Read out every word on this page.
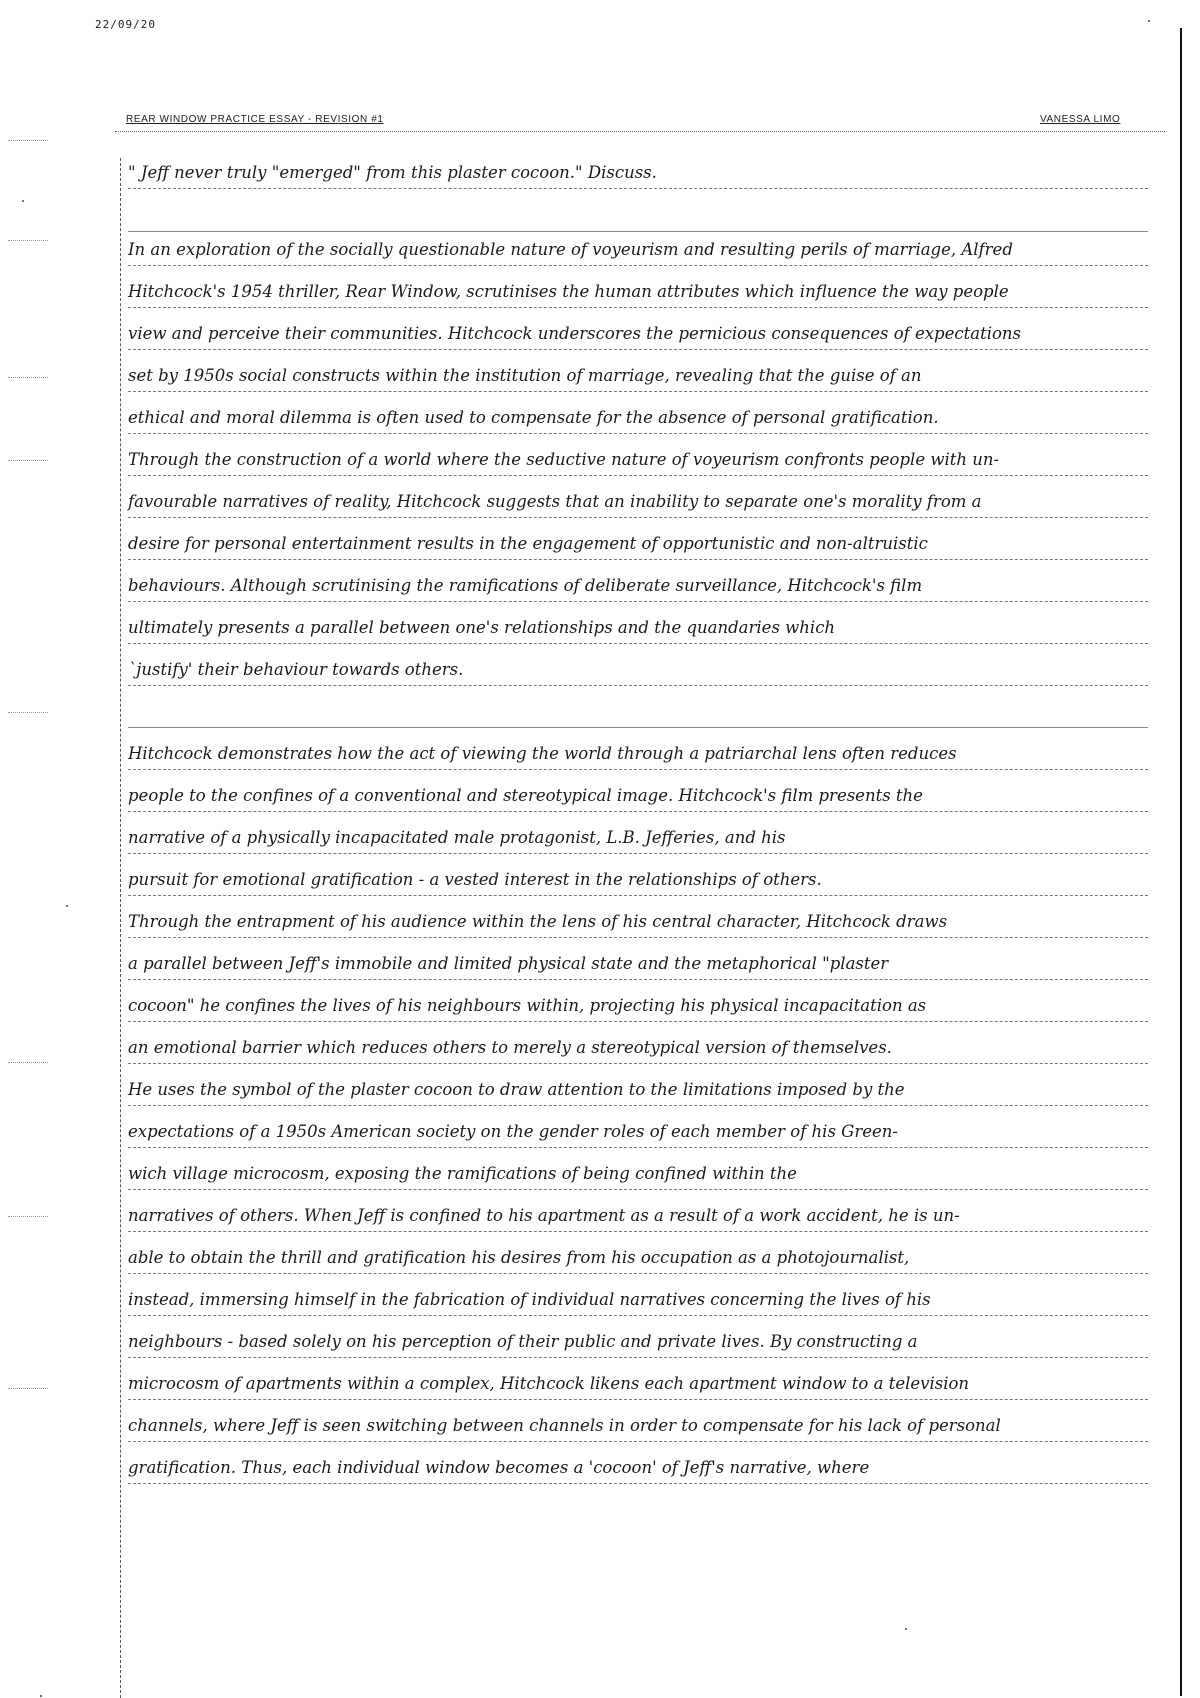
22/09/20
REAR WINDOW PRACTICE ESSAY - REVISION #1	VANESSA LIMO
" Jeff never truly "emerged" from this plaster cocoon." Discuss.
In an exploration of the socially questionable nature of voyeurism and resulting perils of marriage, Alfred
Hitchcock's 1954 thriller, Rear Window, scrutinises the human attributes which influence the way people
view and perceive their communities. Hitchcock underscores the pernicious consequences of expectations
set by 1950s social constructs within the institution of marriage, revealing that the guise of an
ethical and moral dilemma is often used to compensate for the absence of personal gratification.
Through the construction of a world where the seductive nature of voyeurism confronts people with un-
favourable narratives of reality, Hitchcock suggests that an inability to separate one's morality from a
desire for personal entertainment results in the engagement of opportunistic and non-altruistic
behaviours. Although scrutinising the ramifications of deliberate surveillance, Hitchcock's film
ultimately presents a parallel between one's relationships and the quandaries which
`justify' their behaviour towards others.
Hitchcock demonstrates how the act of viewing the world through a patriarchal lens often reduces
people to the confines of a conventional and stereotypical image. Hitchcock's film presents the
narrative of a physically incapacitated male protagonist, L.B. Jefferies, and his
pursuit for emotional gratification - a vested interest in the relationships of others.
Through the entrapment of his audience within the lens of his central character, Hitchcock draws
a parallel between Jeff's immobile and limited physical state and the metaphorical "plaster
cocoon" he confines the lives of his neighbours within, projecting his physical incapacitation as
an emotional barrier which reduces others to merely a stereotypical version of themselves.
He uses the symbol of the plaster cocoon to draw attention to the limitations imposed by the
expectations of a 1950s American society on the gender roles of each member of his Green-
wich village microcosm, exposing the ramifications of being confined within the
narratives of others. When Jeff is confined to his apartment as a result of a work accident, he is un-
able to obtain the thrill and gratification his desires from his occupation as a photojournalist,
instead, immersing himself in the fabrication of individual narratives concerning the lives of his
neighbours - based solely on his perception of their public and private lives. By constructing a
microcosm of apartments within a complex, Hitchcock likens each apartment window to a television
channels, where Jeff is seen switching between channels in order to compensate for his lack of personal
gratification. Thus, each individual window becomes a 'cocoon' of Jeff's narrative, where
